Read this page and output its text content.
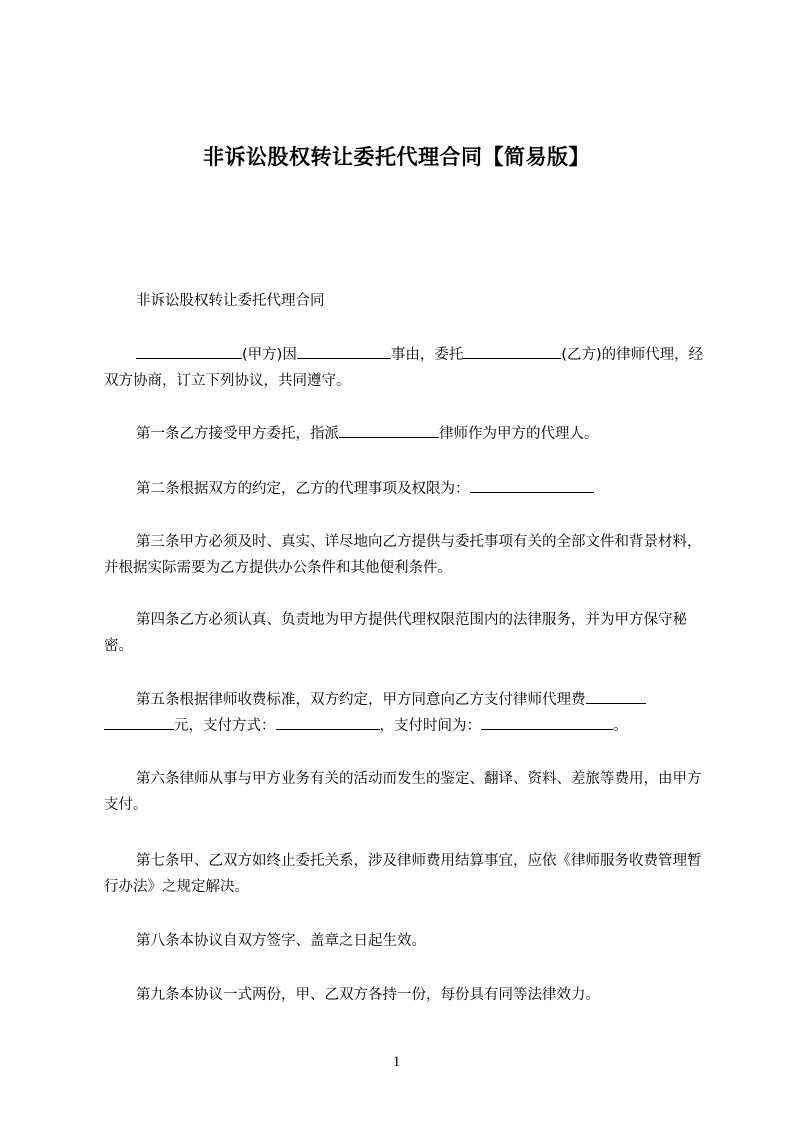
非诉讼股权转让委托代理合同【简易版】

非诉讼股权转让委托代理合同

(甲方)因	事由，委托	(乙方)的律师代理，经双方协商，订立下列协议，共同遵守。

第一条乙方接受甲方委托，指派	律师作为甲方的代理人。

第二条根据双方的约定，乙方的代理事项及权限为：

第三条甲方必须及时、真实、详尽地向乙方提供与委托事项有关的全部文件和背景材料，并根据实际需要为乙方提供办公条件和其他便利条件。

第四条乙方必须认真、负责地为甲方提供代理权限范围内的法律服务，并为甲方保守秘密。

第五条根据律师收费标准，双方约定，甲方同意向乙方支付律师代理费
元，支付方式：	，支付时间为：	。

第六条律师从事与甲方业务有关的活动而发生的鉴定、翻译、资料、差旅等费用，由甲方支付。

第七条甲、乙双方如终止委托关系，涉及律师费用结算事宜，应依《律师服务收费管理暂行办法》之规定解决。

第八条本协议自双方签字、盖章之日起生效。

第九条本协议一式两份，甲、乙双方各持一份，每份具有同等法律效力。

1
